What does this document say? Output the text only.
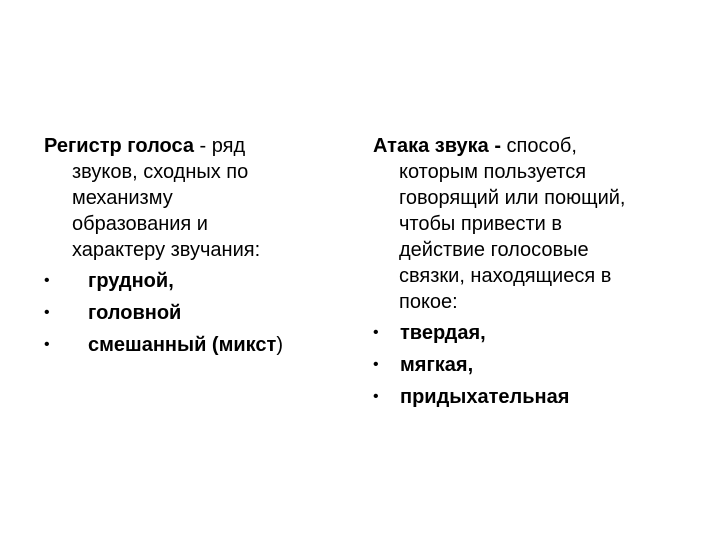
Регистр голоса - ряд
звуков, сходных по
механизму
образования и
характеру звучания:

• грудной,
• головной
• смешанный (микст)

Атака звука - способ,
которым пользуется
говорящий или поющий,
чтобы привести в
действие голосовые
связки, находящиеся в
покое:

• твердая,
• мягкая,
• придыхательная
